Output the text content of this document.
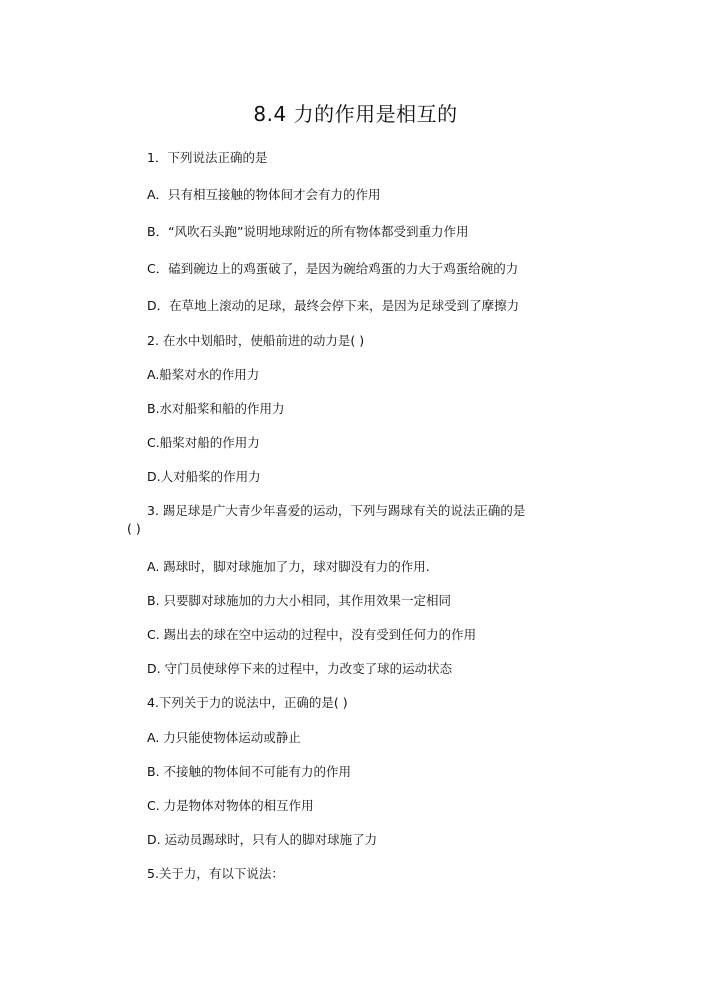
8.4 力的作用是相互的
1．下列说法正确的是
A．只有相互接触的物体间才会有力的作用
B．“风吹石头跑”说明地球附近的所有物体都受到重力作用
C．磕到碗边上的鸡蛋破了，是因为碗给鸡蛋的力大于鸡蛋给碗的力
D．在草地上滚动的足球，最终会停下来，是因为足球受到了摩擦力
2. 在水中划船时，使船前进的动力是( )
A.船桨对水的作用力
B.水对船桨和船的作用力
C.船桨对船的作用力
D.人对船桨的作用力
3. 踢足球是广大青少年喜爱的运动，下列与踢球有关的说法正确的是
( )
A. 踢球时，脚对球施加了力，球对脚没有力的作用.
B. 只要脚对球施加的力大小相同，其作用效果一定相同
C. 踢出去的球在空中运动的过程中，没有受到任何力的作用
D. 守门员使球停下来的过程中，力改变了球的运动状态
4.下列关于力的说法中，正确的是( )
A. 力只能使物体运动或静止
B. 不接触的物体间不可能有力的作用
C. 力是物体对物体的相互作用
D. 运动员踢球时，只有人的脚对球施了力
5.关于力，有以下说法：
